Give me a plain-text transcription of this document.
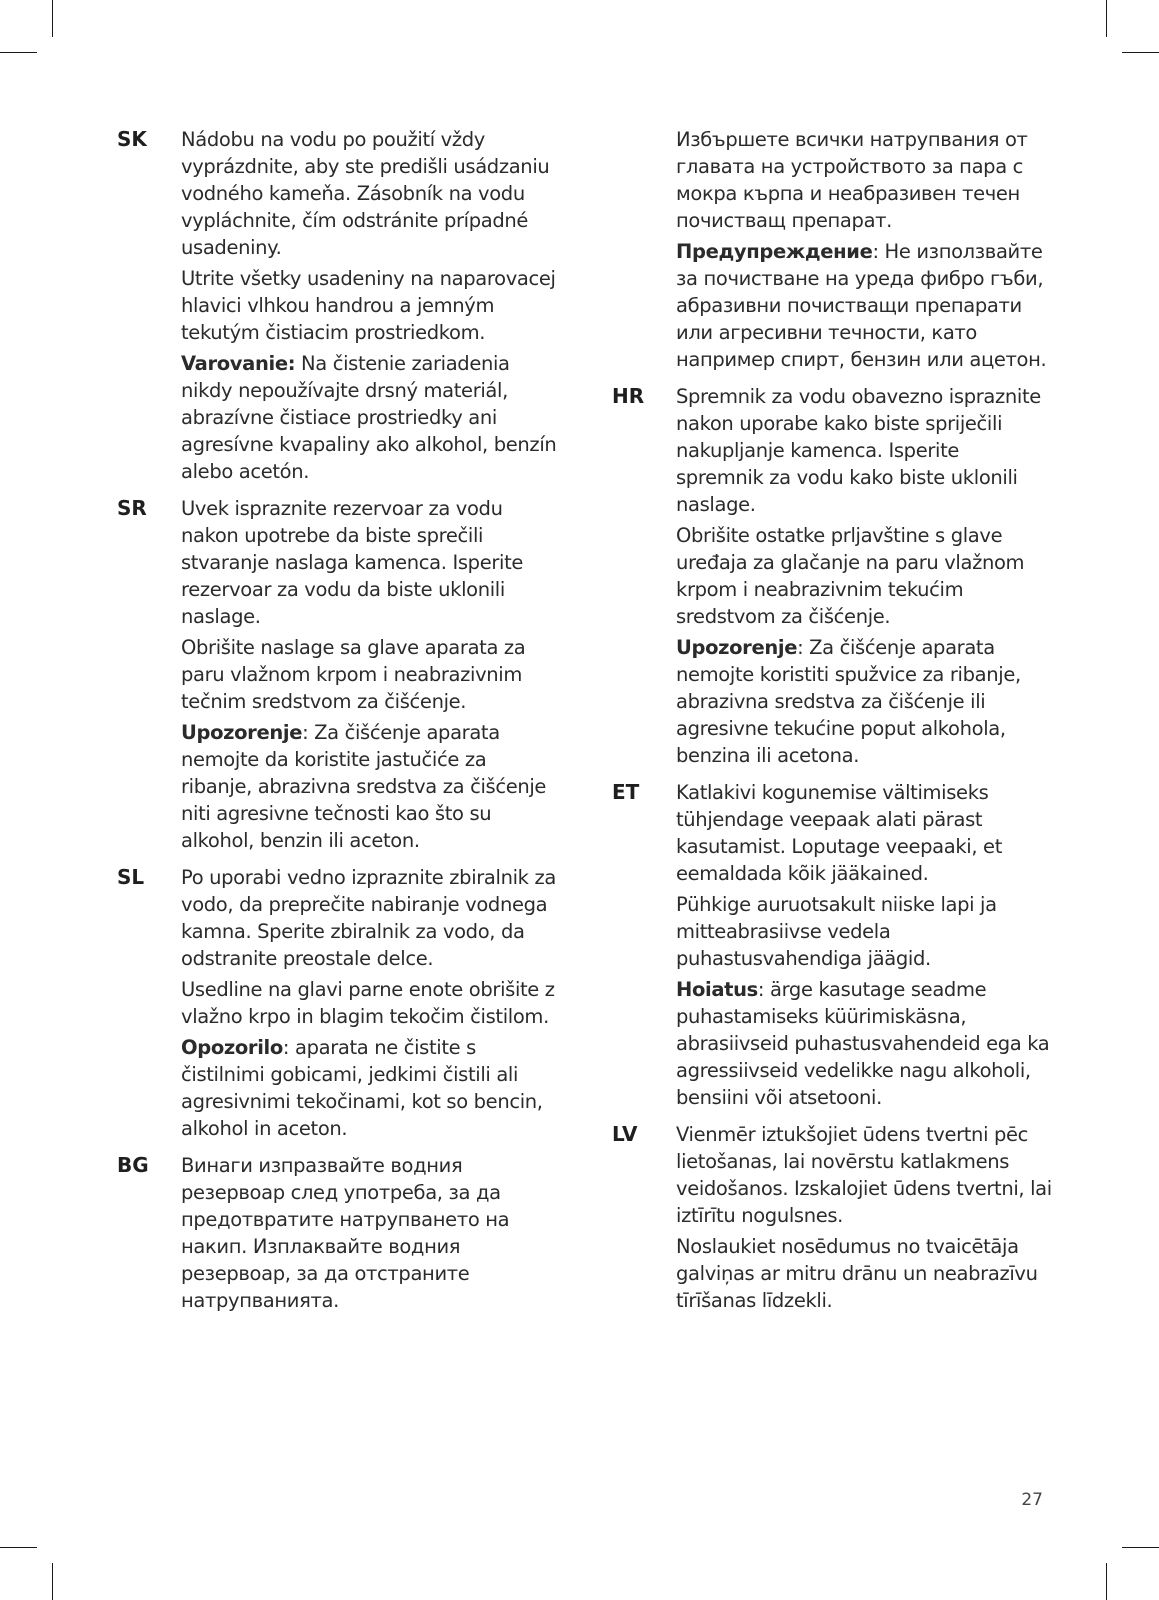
SK	Nádobu na vodu po použití vždy vyprázdnite, aby ste predišli usádzaniu vodného kameňa. Zásobník na vodu vypláchnite, čím odstránite prípadné usadeniny.

Utrite všetky usadeniny na naparovacej hlavici vlhkou handrou a jemným tekutým čistiacim prostriedkom.

Varovanie: Na čistenie zariadenia nikdy nepoužívajte drsný materiál, abrazívne čistiace prostriedky ani agresívne kvapaliny ako alkohol, benzín alebo acetón.

SR	Uvek ispraznite rezervoar za vodu nakon upotrebe da biste sprečili stvaranje naslaga kamenca. Isperite rezervoar za vodu da biste uklonili naslage.

Obrišite naslage sa glave aparata za paru vlažnom krpom i neabrazivnim tečnim sredstvom za čišćenje.

Upozorenje: Za čišćenje aparata nemojte da koristite jastučiće za ribanje, abrazivna sredstva za čišćenje niti agresivne tečnosti kao što su alkohol, benzin ili aceton.

SL	Po uporabi vedno izpraznite zbiralnik za vodo, da preprečite nabiranje vodnega kamna. Sperite zbiralnik za vodo, da odstranite preostale delce.

Usedline na glavi parne enote obrišite z vlažno krpo in blagim tekočim čistilom.

Opozorilo: aparata ne čistite s čistilnimi gobicami, jedkimi čistili ali agresivnimi tekočinami, kot so bencin, alkohol in aceton.

BG	Винаги изпразвайте водния резервоар след употреба, за да предотвратите натрупването на накип. Изплаквайте водния резервоар, за да отстраните натрупванията.

Избършете всички натрупвания от главата на устройството за пара с мокра кърпа и неабразивен течен почистващ препарат.

Предупреждение: Не използвайте за почистване на уреда фибро гъби, абразивни почистващи препарати или агресивни течности, като например спирт, бензин или ацетон.

HR	Spremnik za vodu obavezno ispraznite nakon uporabe kako biste spriječili nakupljanje kamenca. Isperite spremnik za vodu kako biste uklonili naslage.

Obrišite ostatke prljavštine s glave uređaja za glačanje na paru vlažnom krpom i neabrazivnim tekućim sredstvom za čišćenje.

Upozorenje: Za čišćenje aparata nemojte koristiti spužvice za ribanje, abrazivna sredstva za čišćenje ili agresivne tekućine poput alkohola, benzina ili acetona.

ET	Katlakivi kogunemise vältimiseks tühjendage veepaak alati pärast kasutamist. Loputage veepaaki, et eemaldada kõik jääkained.

Pühkige auruotsakult niiske lapi ja mitteabrasiivse vedela puhastusvahendiga jäägid.

Hoiatus: ärge kasutage seadme puhastamiseks küürimiskäsna, abrasiivseid puhastusvahendeid ega ka agressiivseid vedelikke nagu alkoholi, bensiini või atsetooni.

LV	Vienmēr iztukšojiet ūdens tvertni pēc lietošanas, lai novērstu katlakmens veidošanos. Izskalojiet ūdens tvertni, lai iztīrītu nogulsnes.

Noslaukiet nosēdumus no tvaicētāja galviņas ar mitru drānu un neabrazīvu tīrīšanas līdzekli.

27
